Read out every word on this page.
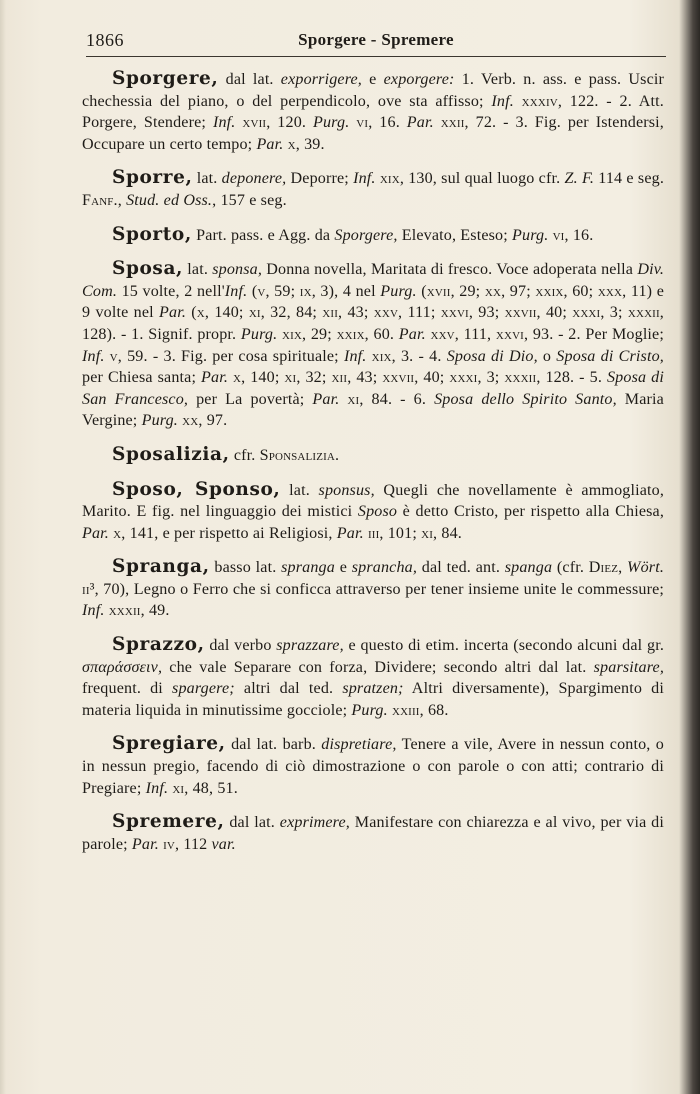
1866	Sporgere - Spremere

Sporgere, dal lat. exporrigere, e exporgere: 1. Verb. n. ass. e pass. Uscir chechessia del piano, o del perpendicolo, ove sta affisso; Inf. xxxiv, 122. - 2. Att. Porgere, Stendere; Inf. xvii, 120. Purg. vi, 16. Par. xxii, 72. - 3. Fig. per Istendersi, Occupare un certo tempo; Par. x, 39.

Sporre, lat. deponere, Deporre; Inf. xix, 130, sul qual luogo cfr. Z. F. 114 e seg. Fanf., Stud. ed Oss., 157 e seg.

Sporto, Part. pass. e Agg. da Sporgere, Elevato, Esteso; Purg. vi, 16.

Sposa, lat. sponsa, Donna novella, Maritata di fresco. Voce adoperata nella Div. Com. 15 volte, 2 nell'Inf. (v, 59; ix, 3), 4 nel Purg. (xvii, 29; xx, 97; xxix, 60; xxx, 11) e 9 volte nel Par. (x, 140; xi, 32, 84; xii, 43; xxv, 111; xxvi, 93; xxvii, 40; xxxi, 3; xxxii, 128). - 1. Signif. propr. Purg. xix, 29; xxix, 60. Par. xxv, 111, xxvi, 93. - 2. Per Moglie; Inf. v, 59. - 3. Fig. per cosa spirituale; Inf. xix, 3. - 4. Sposa di Dio, o Sposa di Cristo, per Chiesa santa; Par. x, 140; xi, 32; xii, 43; xxvii, 40; xxxi, 3; xxxii, 128. - 5. Sposa di San Francesco, per La povertà; Par. xi, 84. - 6. Sposa dello Spirito Santo, Maria Vergine; Purg. xx, 97.

Sposalizia, cfr. Sponsalizia.

Sposo, Sponso, lat. sponsus, Quegli che novellamente è ammogliato, Marito. E fig. nel linguaggio dei mistici Sposo è detto Cristo, per rispetto alla Chiesa, Par. x, 141, e per rispetto ai Religiosi, Par. iii, 101; xi, 84.

Spranga, basso lat. spranga e sprancha, dal ted. ant. spanga (cfr. Diez, Wört. ii³, 70), Legno o Ferro che si conficca attraverso per tener insieme unite le commessure; Inf. xxxii, 49.

Sprazzo, dal verbo sprazzare, e questo di etim. incerta (secondo alcuni dal gr. σπαράσσειν, che vale Separare con forza, Dividere; secondo altri dal lat. sparsitare, frequent. di spargere; altri dal ted. spratzen; Altri diversamente), Spargimento di materia liquida in minutissime gocciole; Purg. xxiii, 68.

Spregiare, dal lat. barb. dispretiare, Tenere a vile, Avere in nessun conto, o in nessun pregio, facendo di ciò dimostrazione o con parole o con atti; contrario di Pregiare; Inf. xi, 48, 51.

Spremere, dal lat. exprimere, Manifestare con chiarezza e al vivo, per via di parole; Par. iv, 112 var.
